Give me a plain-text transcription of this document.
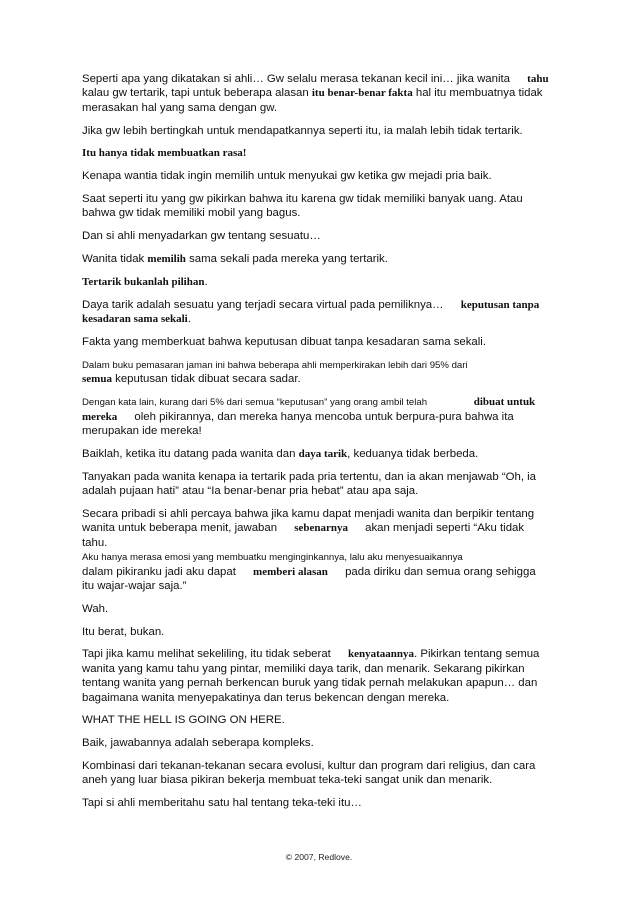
Seperti apa yang dikatakan si ahli… Gw selalu merasa tekanan kecil ini… jika wanita tahu kalau gw tertarik, tapi untuk beberapa alasan itu benar-benar fakta hal itu membuatnya tidak merasakan hal yang sama dengan gw.

Jika gw lebih bertingkah untuk mendapatkannya seperti itu, ia malah lebih tidak tertarik.

Itu hanya tidak membuatkan rasa!

Kenapa wantia tidak ingin memilih untuk menyukai gw ketika gw mejadi pria baik.

Saat seperti itu yang gw pikirkan bahwa itu karena gw tidak memiliki banyak uang. Atau bahwa gw tidak memiliki mobil yang bagus.

Dan si ahli menyadarkan gw tentang sesuatu…

Wanita tidak memilih sama sekali pada mereka yang tertarik.

Tertarik bukanlah pilihan.

Daya tarik adalah sesuatu yang terjadi secara virtual pada pemiliknya… keputusan tanpa kesadaran sama sekali.

Fakta yang memberkuat bahwa keputusan dibuat tanpa kesadaran sama sekali.

Dalam buku pemasaran jaman ini bahwa beberapa ahli memperkirakan lebih dari 95% dari
semua keputusan tidak dibuat secara sadar.

Dengan kata lain, kurang dari 5% dari semua “keputusan” yang orang ambil telah	dibuat untuk mereka oleh pikirannya, dan mereka hanya mencoba untuk berpura-pura bahwa ita merupakan ide mereka!

Baiklah, ketika itu datang pada wanita dan daya tarik, keduanya tidak berbeda.

Tanyakan pada wanita kenapa ia tertarik pada pria tertentu, dan ia akan menjawab “Oh, ia adalah pujaan hati” atau “Ia benar-benar pria hebat” atau apa saja.

Secara pribadi si ahli percaya bahwa jika kamu dapat menjadi wanita dan berpikir tentang wanita untuk beberapa menit, jawaban sebenarnya akan menjadi seperti “Aku tidak tahu.
Aku hanya merasa emosi yang membuatku menginginkannya, lalu aku menyesuaikannya
dalam pikiranku jadi aku dapat memberi alasan pada diriku dan semua orang sehigga itu wajar-wajar saja.”

Wah.

Itu berat, bukan.

Tapi jika kamu melihat sekeliling, itu tidak seberat kenyataannya. Pikirkan tentang semua wanita yang kamu tahu yang pintar, memiliki daya tarik, dan menarik. Sekarang pikirkan tentang wanita yang pernah berkencan buruk yang tidak pernah melakukan apapun… dan bagaimana wanita menyepakatinya dan terus bekencan dengan mereka.

WHAT THE HELL IS GOING ON HERE.

Baik, jawabannya adalah seberapa kompleks.

Kombinasi dari tekanan-tekanan secara evolusi, kultur dan program dari religius, dan cara aneh yang luar biasa pikiran bekerja membuat teka-teki sangat unik dan menarik.

Tapi si ahli memberitahu satu hal tentang teka-teki itu…

© 2007, Redlove.
